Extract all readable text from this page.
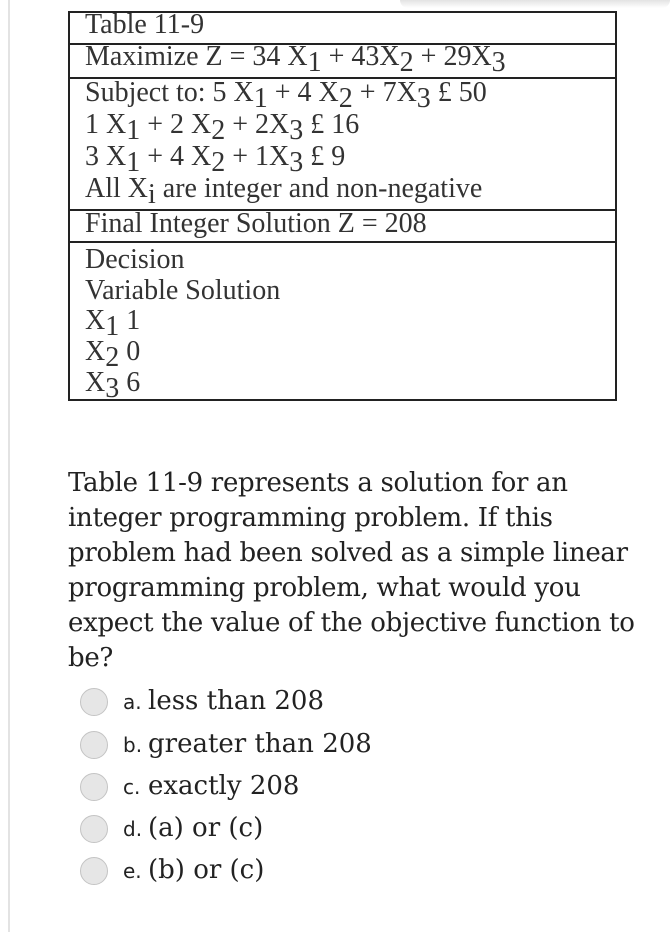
Table 11-9
Maximize Z = 34 $X_1 + 43X_2 + 29X_3$
Subject to: 5 $X_1 + 4$ $X_2 + 7X_3$ £ 50
1 $X_1 + 2$ $X_2 + 2X_3$ £ 16
3 $X_1 + 4$ $X_2 + 1X_3$ £ 9
All $X_i$ are integer and non-negative
Final Integer Solution Z = 208
Decision
Variable Solution
$X_1$ 1
$X_2$ 0
$X_3$ 6
Table 11-9 represents a solution for an integer programming problem. If this problem had been solved as a simple linear programming problem, what would you expect the value of the objective function to be?
a. less than 208
b. greater than 208
c. exactly 208
d. (a) or (c)
e. (b) or (c)
